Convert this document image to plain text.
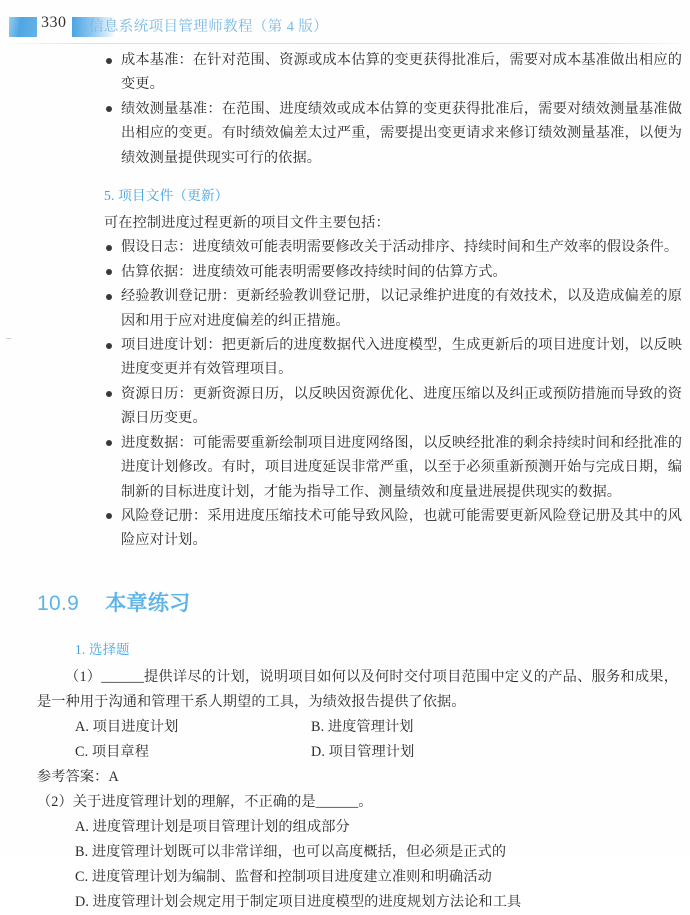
330 信息系统项目管理师教程（第 4 版）
成本基准：在针对范围、资源或成本估算的变更获得批准后，需要对成本基准做出相应的变更。
绩效测量基准：在范围、进度绩效或成本估算的变更获得批准后，需要对绩效测量基准做出相应的变更。有时绩效偏差太过严重，需要提出变更请求来修订绩效测量基准，以便为绩效测量提供现实可行的依据。
5. 项目文件（更新）
可在控制进度过程更新的项目文件主要包括：
假设日志：进度绩效可能表明需要修改关于活动排序、持续时间和生产效率的假设条件。
估算依据：进度绩效可能表明需要修改持续时间的估算方式。
经验教训登记册：更新经验教训登记册，以记录维护进度的有效技术，以及造成偏差的原因和用于应对进度偏差的纠正措施。
项目进度计划：把更新后的进度数据代入进度模型，生成更新后的项目进度计划，以反映进度变更并有效管理项目。
资源日历：更新资源日历，以反映因资源优化、进度压缩以及纠正或预防措施而导致的资源日历变更。
进度数据：可能需要重新绘制项目进度网络图，以反映经批准的剩余持续时间和经批准的进度计划修改。有时，项目进度延误非常严重，以至于必须重新预测开始与完成日期，编制新的目标进度计划，才能为指导工作、测量绩效和度量进展提供现实的数据。
风险登记册：采用进度压缩技术可能导致风险，也就可能需要更新风险登记册及其中的风险应对计划。
10.9 本章练习
1. 选择题
（1）______提供详尽的计划，说明项目如何以及何时交付项目范围中定义的产品、服务和成果，是一种用于沟通和管理干系人期望的工具，为绩效报告提供了依据。
A. 项目进度计划	B. 进度管理计划
C. 项目章程	D. 项目管理计划
参考答案：A
（2）关于进度管理计划的理解，不正确的是______。
A. 进度管理计划是项目管理计划的组成部分
B. 进度管理计划既可以非常详细，也可以高度概括，但必须是正式的
C. 进度管理计划为编制、监督和控制项目进度建立准则和明确活动
D. 进度管理计划会规定用于制定项目进度模型的进度规划方法论和工具
